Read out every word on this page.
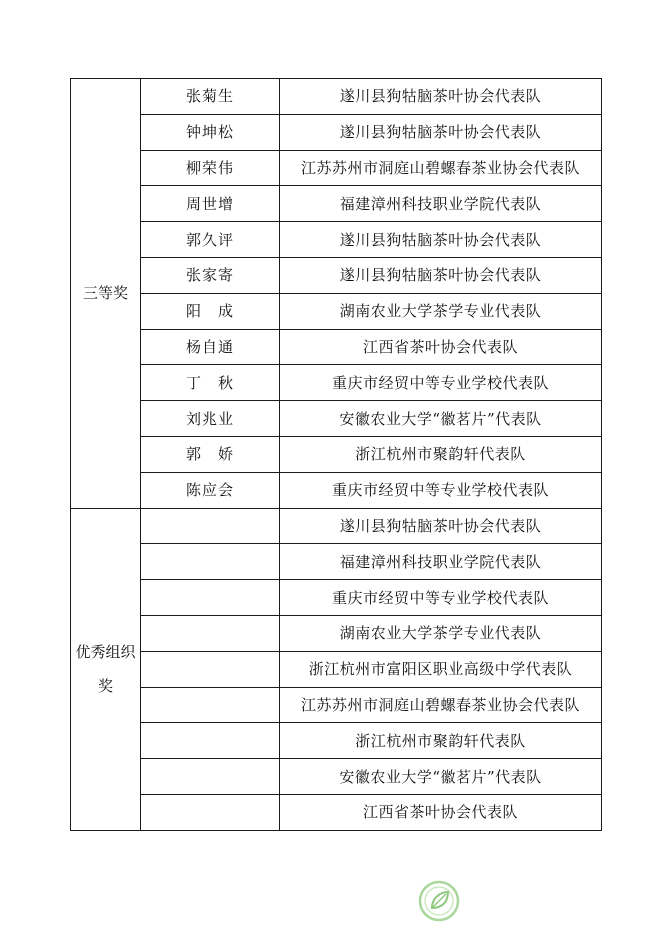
三等奖	张菊生	遂川县狗牯脑茶叶协会代表队
	钟坤松	遂川县狗牯脑茶叶协会代表队
	柳荣伟	江苏苏州市洞庭山碧螺春茶业协会代表队
	周世增	福建漳州科技职业学院代表队
	郭久评	遂川县狗牯脑茶叶协会代表队
	张家寄	遂川县狗牯脑茶叶协会代表队
	阳　成	湖南农业大学茶学专业代表队
	杨自通	江西省茶叶协会代表队
	丁　秋	重庆市经贸中等专业学校代表队
	刘兆业	安徽农业大学“徽茗片”代表队
	郭　娇	浙江杭州市聚韵轩代表队
	陈应会	重庆市经贸中等专业学校代表队
优秀组织奖		遂川县狗牯脑茶叶协会代表队
		福建漳州科技职业学院代表队
		重庆市经贸中等专业学校代表队
		湖南农业大学茶学专业代表队
		浙江杭州市富阳区职业高级中学代表队
		江苏苏州市洞庭山碧螺春茶业协会代表队
		浙江杭州市聚韵轩代表队
		安徽农业大学“徽茗片”代表队
		江西省茶叶协会代表队
